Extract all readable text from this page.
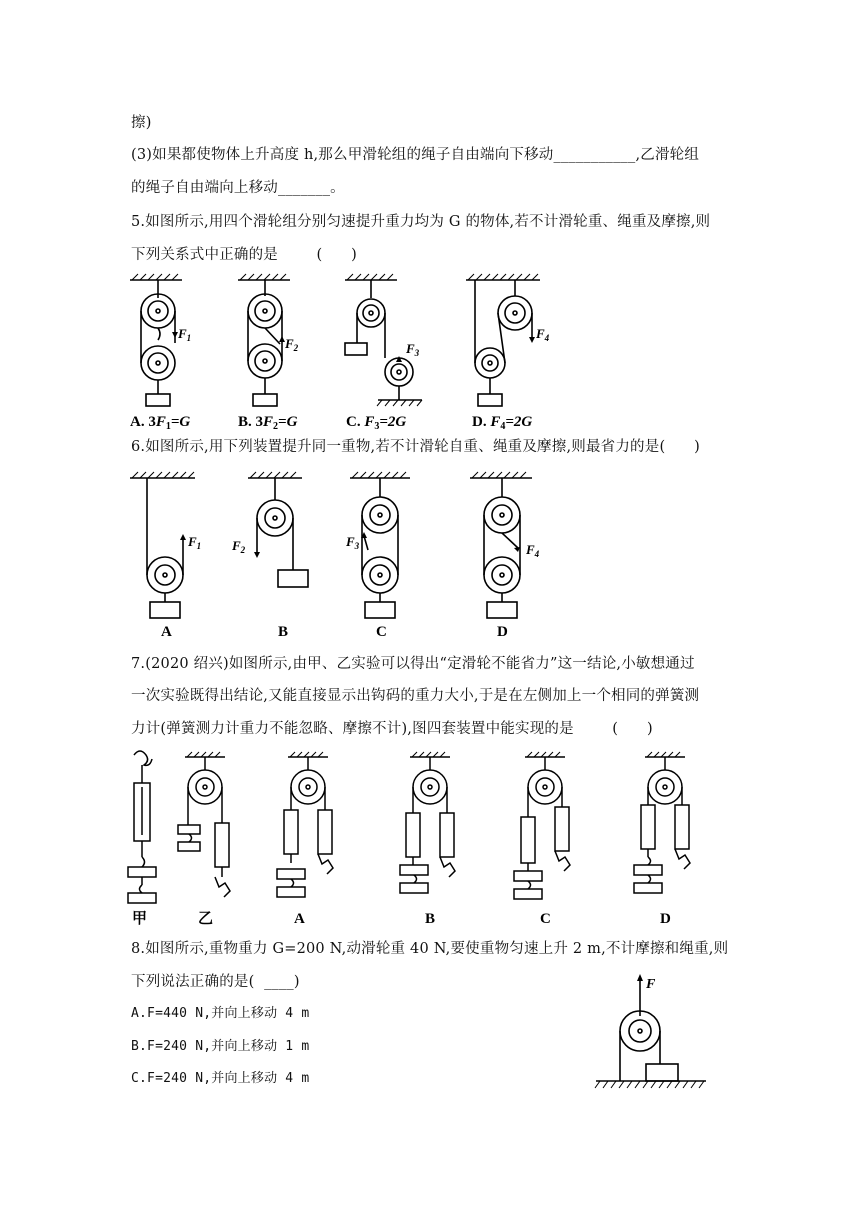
擦)
(3)如果都使物体上升高度 h,那么甲滑轮组的绳子自由端向下移动___________,乙滑轮组
的绳子自由端向上移动_______。
5.如图所示,用四个滑轮组分别匀速提升重力均为 G 的物体,若不计滑轮重、绳重及摩擦,则
下列关系式中正确的是        (      )
$F_1$	$F_2$	$F_3$
$F_4$
A. $3F_1=G$	B. $3F_2=G$	C. $F_3=2G$	D. $F_4=2G$
6.如图所示,用下列装置提升同一重物,若不计滑轮自重、绳重及摩擦,则最省力的是(      )
$F_1$ $F_2$
$F_3$	$F_4$
A	B	C	D
7.(2020 绍兴)如图所示,由甲、乙实验可以得出“定滑轮不能省力”这一结论,小敏想通过
一次实验既得出结论,又能直接显示出钩码的重力大小,于是在左侧加上一个相同的弹簧测
力计(弹簧测力计重力不能忽略、摩擦不计),图四套装置中能实现的是        (      )
甲	乙	A	B	C	D
8.如图所示,重物重力 G=200 N,动滑轮重 40 N,要使重物匀速上升 2 m,不计摩擦和绳重,则
下列说法正确的是(  ____)
A.F=440 N,并向上移动 4 m
B.F=240 N,并向上移动 1 m
C.F=240 N,并向上移动 4 m
F
